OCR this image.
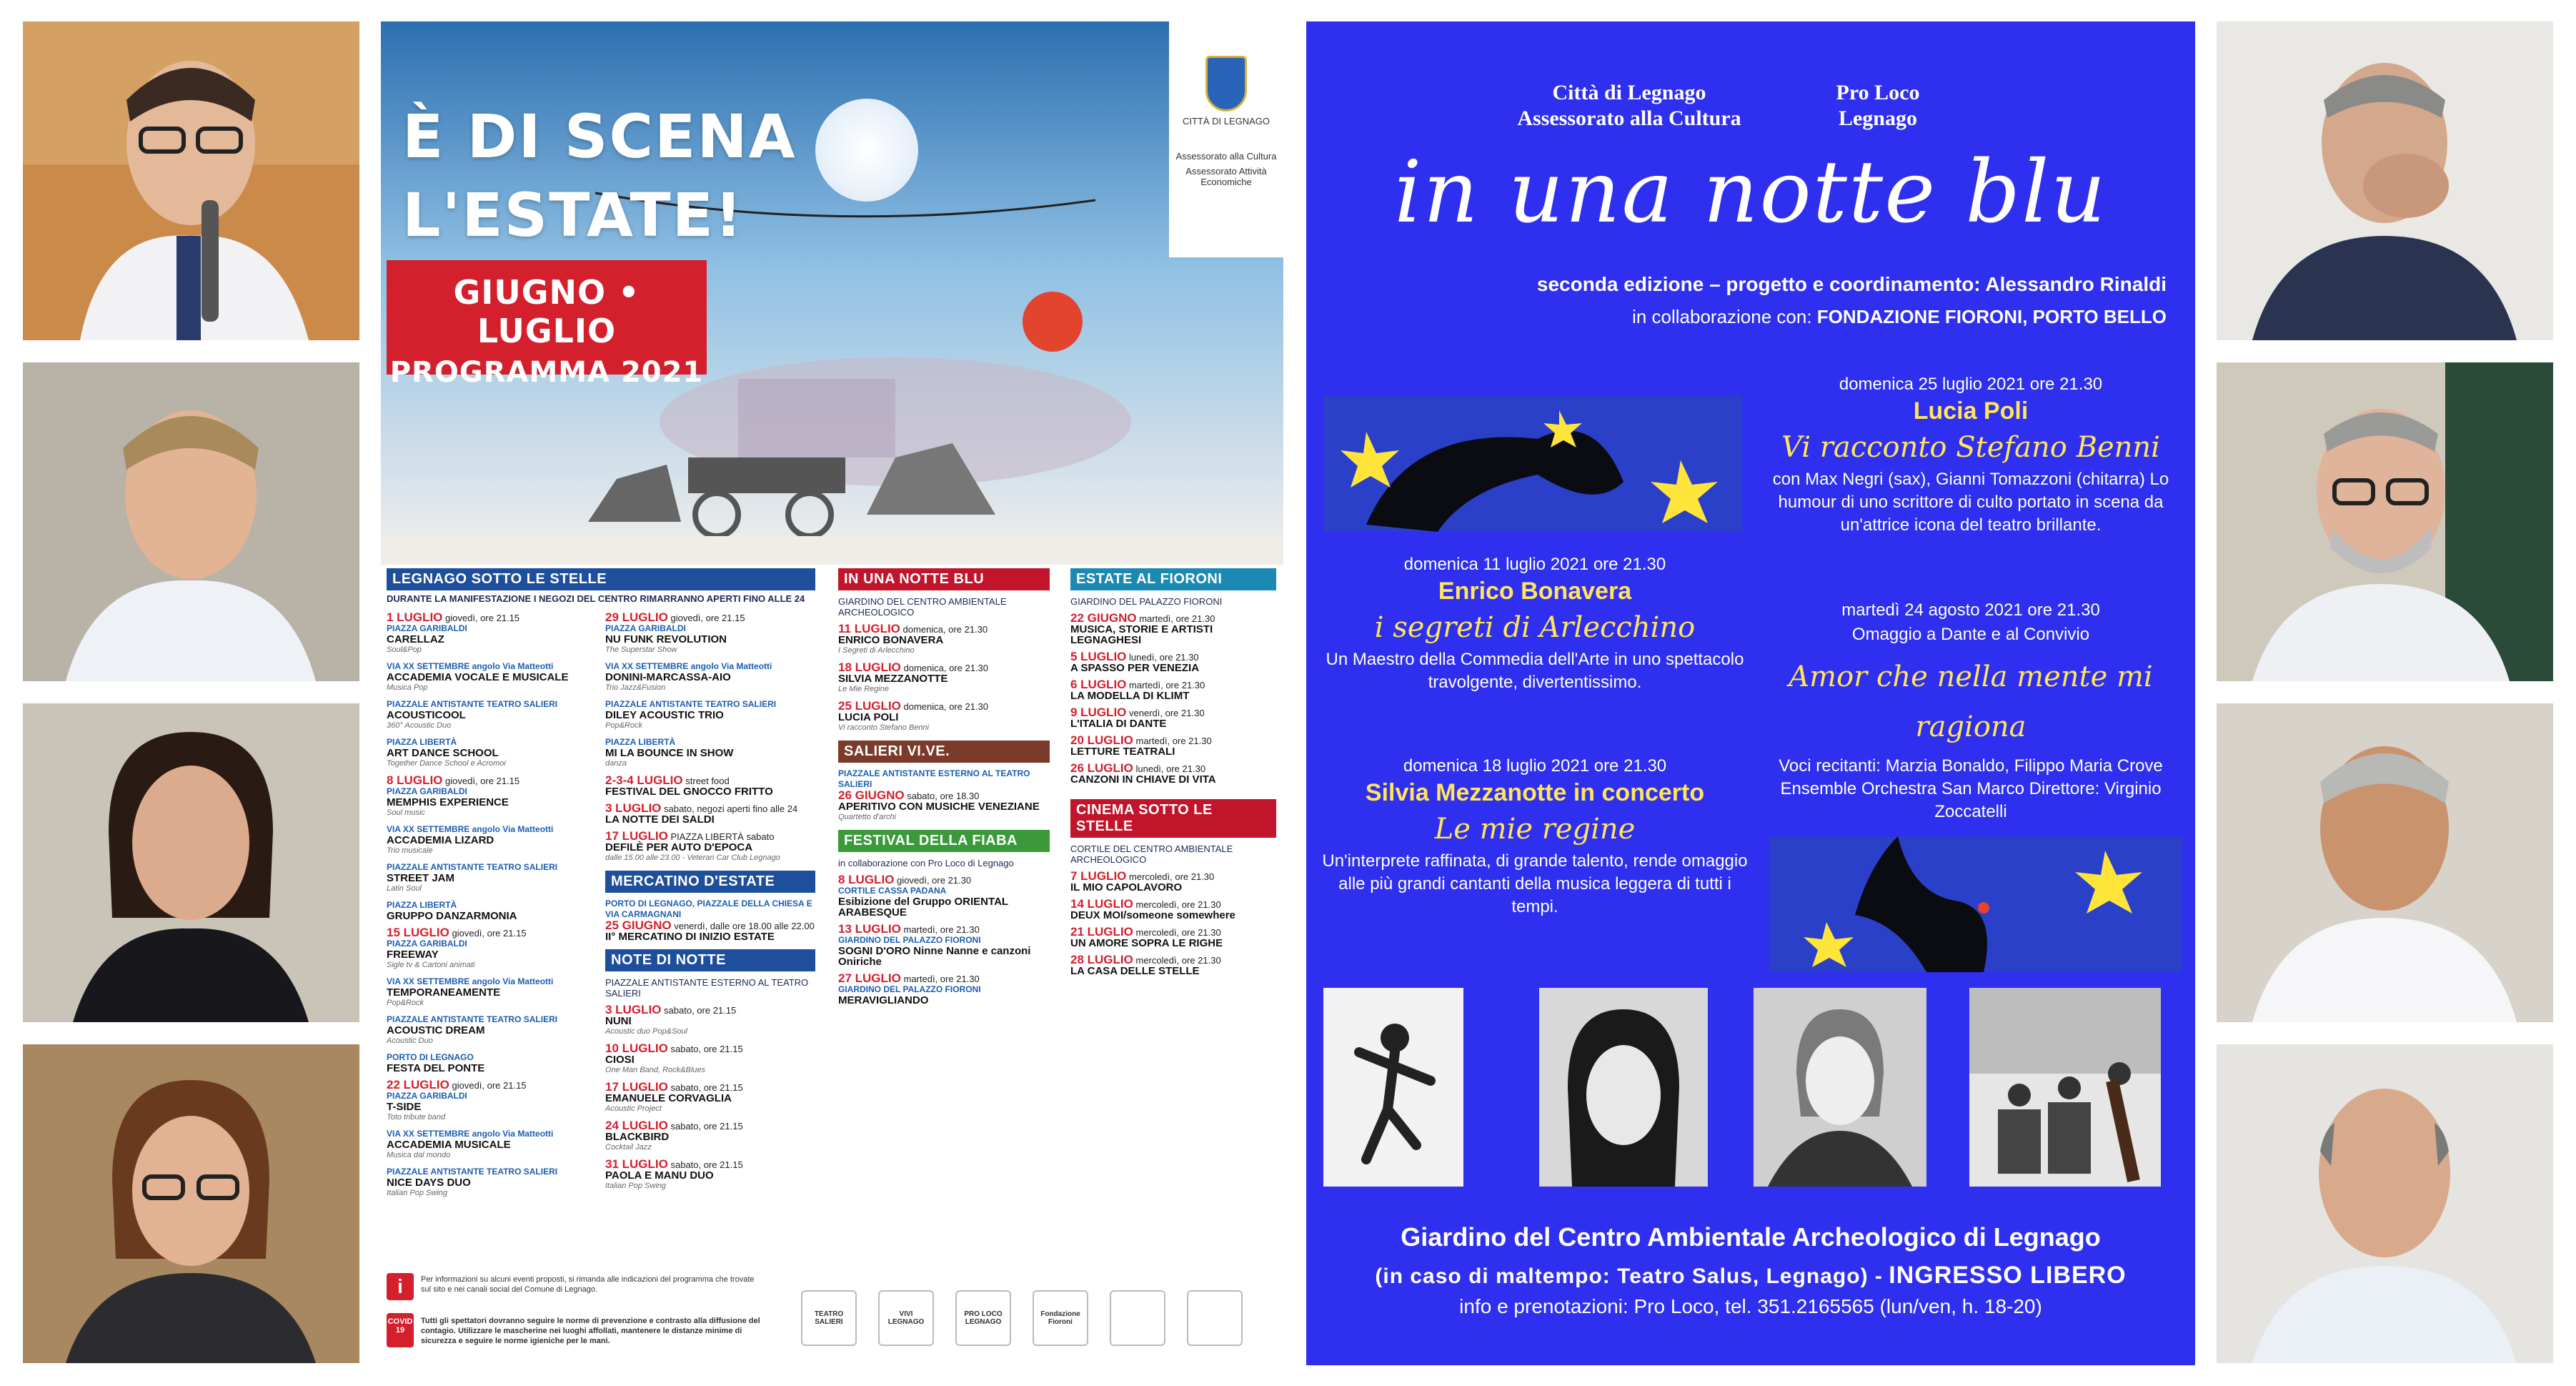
È DI SCENA
L'ESTATE!
GIUGNO • LUGLIO
PROGRAMMA 2021
CITTÀ DI LEGNAGO
Assessorato alla Cultura
Assessorato Attività Economiche
LEGNAGO SOTTO LE STELLE
DURANTE LA MANIFESTAZIONE I NEGOZI DEL CENTRO RIMARRANNO APERTI FINO ALLE 24
1 LUGLIO giovedì, ore 21.15
PIAZZA GARIBALDI
CARELLAZ
Soul&Pop
VIA XX SETTEMBRE angolo Via Matteotti
ACCADEMIA VOCALE E MUSICALE
Musica Pop
PIAZZALE ANTISTANTE TEATRO SALIERI
ACOUSTICOOL
360° Acoustic Duo
PIAZZA LIBERTÀ
ART DANCE SCHOOL
Together Dance School e Acromoi
8 LUGLIO giovedì, ore 21.15
PIAZZA GARIBALDI
MEMPHIS EXPERIENCE
Soul music
VIA XX SETTEMBRE angolo Via Matteotti
ACCADEMIA LIZARD
Trio musicale
PIAZZALE ANTISTANTE TEATRO SALIERI
STREET JAM
Latin Soul
PIAZZA LIBERTÀ
GRUPPO DANZARMONIA
15 LUGLIO giovedì, ore 21.15
PIAZZA GARIBALDI
FREEWAY
Sigle tv & Cartoni animati
VIA XX SETTEMBRE angolo Via Matteotti
TEMPORANEAMENTE
Pop&Rock
PIAZZALE ANTISTANTE TEATRO SALIERI
ACOUSTIC DREAM
Acoustic Duo
PORTO DI LEGNAGO
FESTA DEL PONTE
22 LUGLIO giovedì, ore 21.15
PIAZZA GARIBALDI
T-SIDE
Toto tribute band
VIA XX SETTEMBRE angolo Via Matteotti
ACCADEMIA MUSICALE
Musica dal mondo
PIAZZALE ANTISTANTE TEATRO SALIERI
NICE DAYS DUO
Italian Pop Swing
29 LUGLIO giovedì, ore 21.15
PIAZZA GARIBALDI
NU FUNK REVOLUTION
The Superstar Show
VIA XX SETTEMBRE angolo Via Matteotti
DONINI-MARCASSA-AIO
Trio Jazz&Fusion
PIAZZALE ANTISTANTE TEATRO SALIERI
DILEY ACOUSTIC TRIO
Pop&Rock
PIAZZA LIBERTÀ
MI LA BOUNCE IN SHOW
danza
2-3-4 LUGLIO street food
FESTIVAL DEL GNOCCO FRITTO
3 LUGLIO sabato, negozi aperti fino alle 24
LA NOTTE DEI SALDI
17 LUGLIO PIAZZA LIBERTÀ sabato
DEFILÈ PER AUTO D'EPOCA
dalle 15.00 alle 23.00 - Veteran Car Club Legnago
MERCATINO D'ESTATE
PORTO DI LEGNAGO, PIAZZALE DELLA CHIESA E VIA CARMAGNANI
25 GIUGNO venerdì, dalle ore 18.00 alle 22.00
II° MERCATINO DI INIZIO ESTATE
NOTE DI NOTTE
PIAZZALE ANTISTANTE ESTERNO AL TEATRO SALIERI
3 LUGLIO sabato, ore 21.15
NUNI
Acoustic duo Pop&Soul
10 LUGLIO sabato, ore 21.15
CIOSI
One Man Band, Rock&Blues
17 LUGLIO sabato, ore 21.15
EMANUELE CORVAGLIA
Acoustic Project
24 LUGLIO sabato, ore 21.15
BLACKBIRD
Cocktail Jazz
31 LUGLIO sabato, ore 21.15
PAOLA E MANU DUO
Italian Pop Swing
IN UNA NOTTE BLU
GIARDINO DEL CENTRO AMBIENTALE ARCHEOLOGICO
11 LUGLIO domenica, ore 21.30
ENRICO BONAVERA
I Segreti di Arlecchino
18 LUGLIO domenica, ore 21.30
SILVIA MEZZANOTTE
Le Mie Regine
25 LUGLIO domenica, ore 21.30
LUCIA POLI
Vi racconto Stefano Benni
SALIERI VI.VE.
PIAZZALE ANTISTANTE ESTERNO AL TEATRO SALIERI
26 GIUGNO sabato, ore 18.30
APERITIVO CON MUSICHE VENEZIANE
Quartetto d'archi
FESTIVAL DELLA FIABA
in collaborazione con Pro Loco di Legnago
8 LUGLIO giovedì, ore 21.30
CORTILE CASSA PADANA
Esibizione del Gruppo ORIENTAL ARABESQUE
13 LUGLIO martedì, ore 21.30
GIARDINO DEL PALAZZO FIORONI
SOGNI D'ORO Ninne Nanne e canzoni Oniriche
27 LUGLIO martedì, ore 21.30
GIARDINO DEL PALAZZO FIORONI
MERAVIGLIANDO
ESTATE AL FIORONI
GIARDINO DEL PALAZZO FIORONI
22 GIUGNO martedì, ore 21.30
MUSICA, STORIE E ARTISTI LEGNAGHESI
5 LUGLIO lunedì, ore 21.30
A SPASSO PER VENEZIA
6 LUGLIO martedì, ore 21.30
LA MODELLA DI KLIMT
9 LUGLIO venerdì, ore 21.30
L'ITALIA DI DANTE
20 LUGLIO martedì, ore 21.30
LETTURE TEATRALI
26 LUGLIO lunedì, ore 21.30
CANZONI IN CHIAVE DI VITA
CINEMA SOTTO LE STELLE
CORTILE DEL CENTRO AMBIENTALE ARCHEOLOGICO
7 LUGLIO mercoledì, ore 21.30
IL MIO CAPOLAVORO
14 LUGLIO mercoledì, ore 21.30
DEUX MOI/someone somewhere
21 LUGLIO mercoledì, ore 21.30
UN AMORE SOPRA LE RIGHE
28 LUGLIO mercoledì, ore 21.30
LA CASA DELLE STELLE
i	Per informazioni su alcuni eventi proposti, si rimanda alle indicazioni del programma che trovate sul sito e nei canali social del Comune di Legnago.
COVID 19
Tutti gli spettatori dovranno seguire le norme di prevenzione e contrasto alla diffusione del contagio. Utilizzare le mascherine nei luoghi affollati, mantenere le distanze minime di sicurezza e seguire le norme igieniche per le mani.
TEATRO SALIERI
VIVI LEGNAGO
PRO LOCO LEGNAGO
Fondazione Fioroni
Città di Legnago
Assessorato alla Cultura
Pro Loco
Legnago
in una notte blu
seconda edizione – progetto e coordinamento: Alessandro Rinaldi
in collaborazione con: FONDAZIONE FIORONI, PORTO BELLO
domenica 25 luglio 2021 ore 21.30
Lucia Poli
Vi racconto Stefano Benni
con Max Negri (sax), Gianni Tomazzoni (chitarra) Lo humour di uno scrittore di culto portato in scena da un'attrice icona del teatro brillante.
domenica 11 luglio 2021 ore 21.30
Enrico Bonavera
i segreti di Arlecchino
Un Maestro della Commedia dell'Arte in uno spettacolo travolgente, divertentissimo.
martedì 24 agosto 2021 ore 21.30
Omaggio a Dante e al Convivio
Amor che nella mente mi ragiona
Voci recitanti: Marzia Bonaldo, Filippo Maria Crove Ensemble Orchestra San Marco Direttore: Virginio Zoccatelli
domenica 18 luglio 2021 ore 21.30
Silvia Mezzanotte in concerto
Le mie regine
Un'interprete raffinata, di grande talento, rende omaggio alle più grandi cantanti della musica leggera di tutti i tempi.
Giardino del Centro Ambientale Archeologico di Legnago
(in caso di maltempo: Teatro Salus, Legnago) - INGRESSO LIBERO
info e prenotazioni: Pro Loco, tel. 351.2165565 (lun/ven, h. 18-20)
